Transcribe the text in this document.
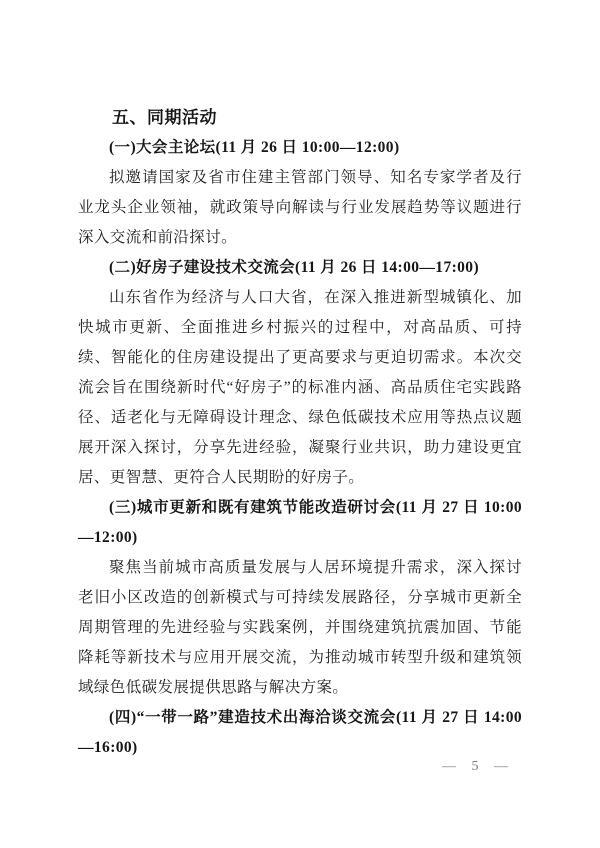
五、同期活动

(一)大会主论坛(11 月 26 日 10:00—12:00)

拟邀请国家及省市住建主管部门领导、知名专家学者及行业龙头企业领袖，就政策导向解读与行业发展趋势等议题进行深入交流和前沿探讨。

(二)好房子建设技术交流会(11 月 26 日 14:00—17:00)

山东省作为经济与人口大省，在深入推进新型城镇化、加快城市更新、全面推进乡村振兴的过程中，对高品质、可持续、智能化的住房建设提出了更高要求与更迫切需求。本次交流会旨在围绕新时代“好房子”的标准内涵、高品质住宅实践路径、适老化与无障碍设计理念、绿色低碳技术应用等热点议题展开深入探讨，分享先进经验，凝聚行业共识，助力建设更宜居、更智慧、更符合人民期盼的好房子。

(三)城市更新和既有建筑节能改造研讨会(11 月 27 日 10:00—12:00)

聚焦当前城市高质量发展与人居环境提升需求，深入探讨老旧小区改造的创新模式与可持续发展路径，分享城市更新全周期管理的先进经验与实践案例，并围绕建筑抗震加固、节能降耗等新技术与应用开展交流，为推动城市转型升级和建筑领域绿色低碳发展提供思路与解决方案。

(四)“一带一路”建造技术出海洽谈交流会(11 月 27 日 14:00—16:00)

— 5 —
